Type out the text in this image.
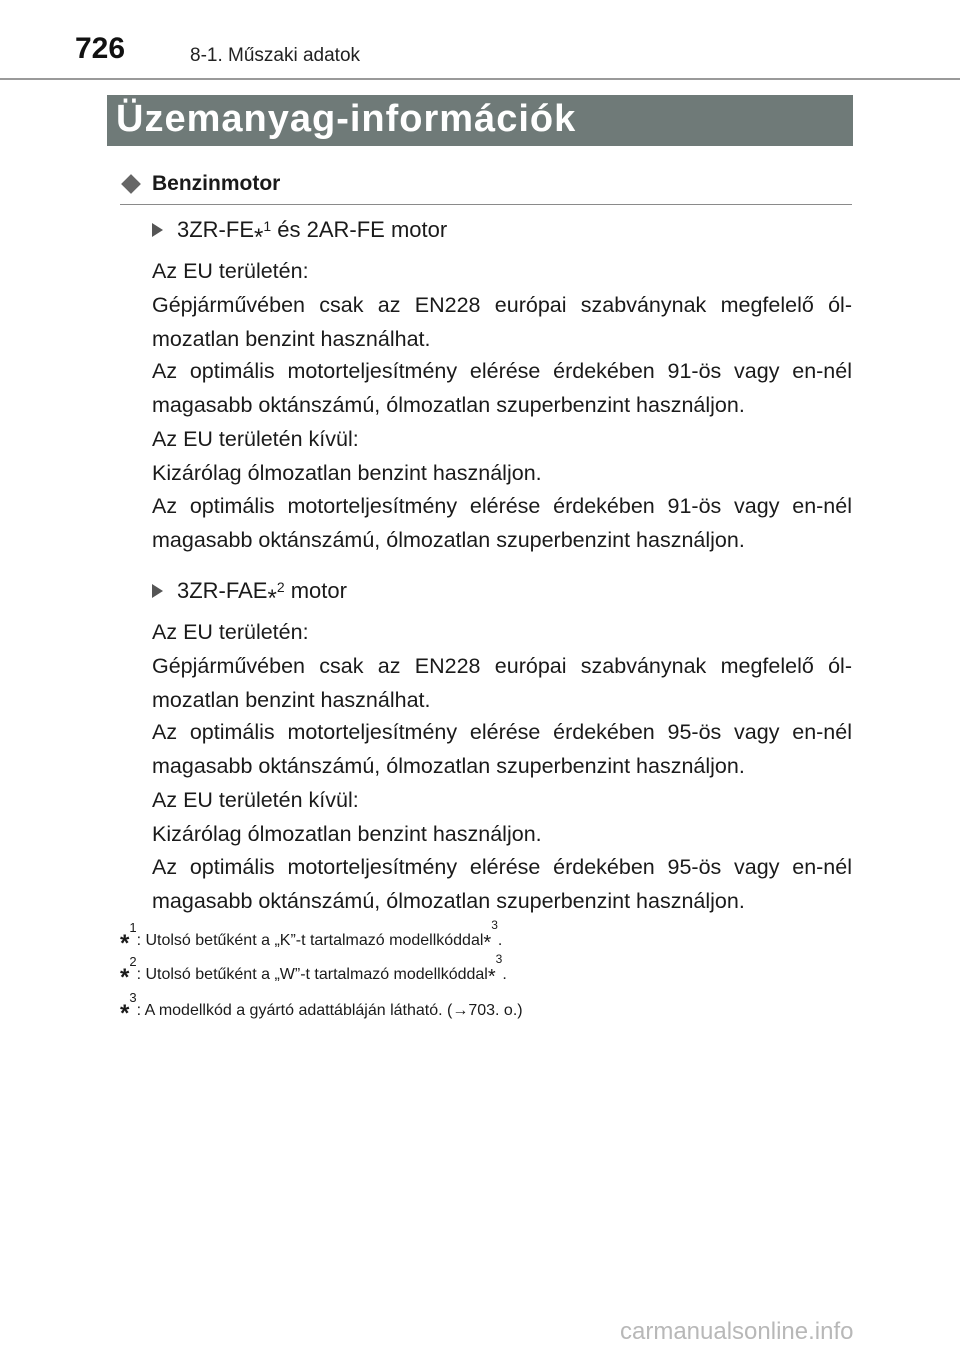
726	8-1. Műszaki adatok
Üzemanyag-információk
Benzinmotor
3ZR-FE *$^1$ és 2AR-FE motor

Az EU területén:

Gépjárművében csak az EN228 európai szabványnak megfelelő ól-mozatlan benzint használhat.

Az optimális motorteljesítmény elérése érdekében 91-ös vagy en-nél magasabb oktánszámú, ólmozatlan szuperbenzint használjon.

Az EU területén kívül:

Kizárólag ólmozatlan benzint használjon.

Az optimális motorteljesítmény elérése érdekében 91-ös vagy en-nél magasabb oktánszámú, ólmozatlan szuperbenzint használjon.

3ZR-FAE *$^2$ motor

Az EU területén:

Gépjárművében csak az EN228 európai szabványnak megfelelő ól-mozatlan benzint használhat.

Az optimális motorteljesítmény elérése érdekében 95-ös vagy en-nél magasabb oktánszámú, ólmozatlan szuperbenzint használjon.

Az EU területén kívül:

Kizárólag ólmozatlan benzint használjon.

Az optimális motorteljesítmény elérése érdekében 95-ös vagy en-nél magasabb oktánszámú, ólmozatlan szuperbenzint használjon.

*$^1$: Utolsó betűként a „K”-t tartalmazó modellkóddal*$^3$.
*$^2$: Utolsó betűként a „W”-t tartalmazó modellkóddal*$^3$.
*$^3$: A modellkód a gyártó adattábláján látható. (→703. o.)
carmanualsonline.info
